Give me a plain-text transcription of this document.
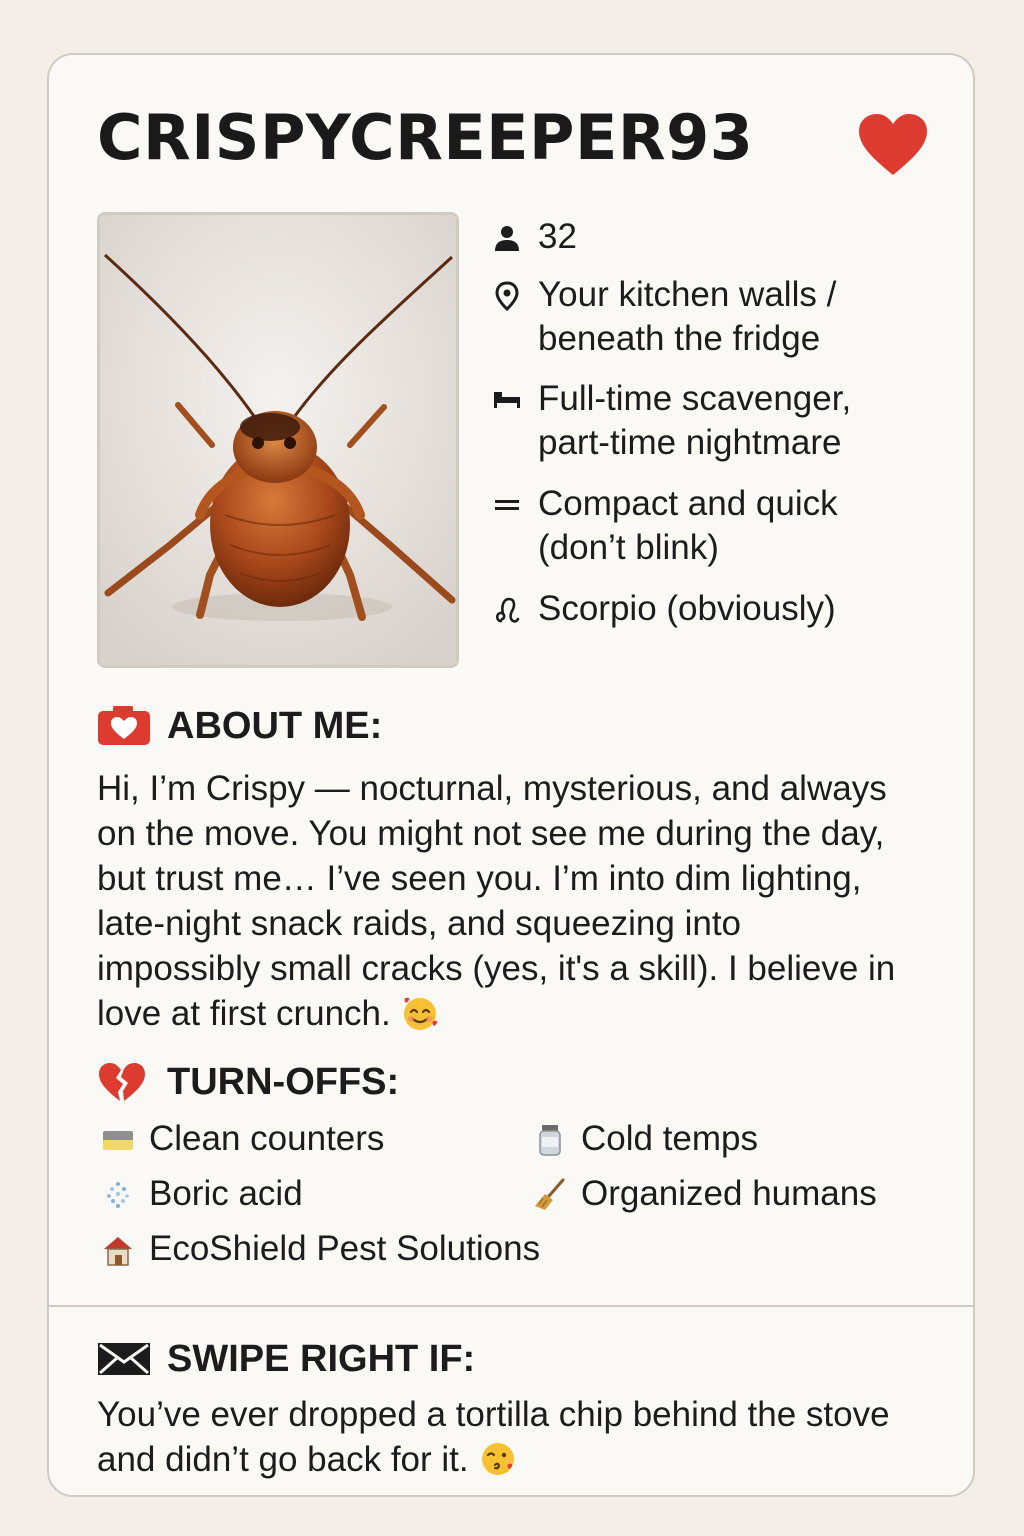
CRISPYCREEPER93
32
Your kitchen walls /
beneath the fridge
Full-time scavenger,
part-time nightmare
Compact and quick
(don’t blink)
Scorpio (obviously)
ABOUT ME:
Hi, I’m Crispy — nocturnal, mysterious, and always
on the move. You might not see me during the day,
but trust me… I’ve seen you. I’m into dim lighting,
late-night snack raids, and squeezing into
impossibly small cracks (yes, it's a skill). I believe in
love at first crunch.
TURN-OFFS:
Clean counters	Cold temps
Boric acid	Organized humans
EcoShield Pest Solutions
SWIPE RIGHT IF:
You’ve ever dropped a tortilla chip behind the stove
and didn’t go back for it.
